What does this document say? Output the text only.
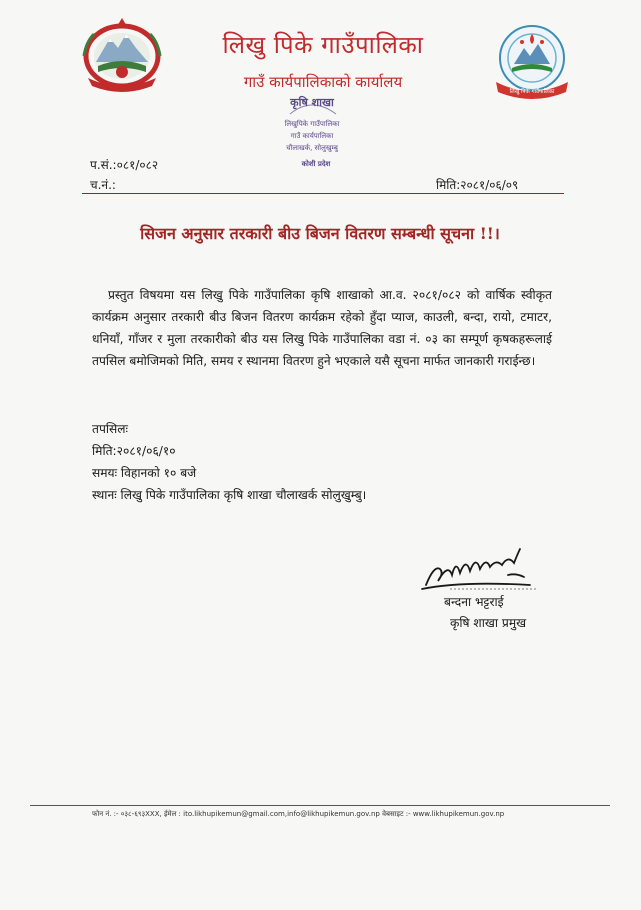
लिखु पिके गाउँपालिका
लिखु पिके गाउँपालिका
गाउँ कार्यपालिकाको कार्यालय
कृषि शाखा
लिखुपिके गाउँपालिका
गाउँ कार्यपालिका
चौलाखर्क, सोलुखुम्बु
कोशी प्रदेश
प.सं.:०८१/०८२
च.नं.:	मिति:२०८१/०६/०९
सिजन अनुसार तरकारी बीउ बिजन वितरण सम्बन्धी सूचना !!।
प्रस्तुत विषयमा यस लिखु पिके गाउँपालिका कृषि शाखाको आ.व. २०८१/०८२ को वार्षिक स्वीकृत कार्यक्रम अनुसार तरकारी बीउ बिजन वितरण कार्यक्रम रहेको हुँदा प्याज, काउली, बन्दा, रायो, टमाटर, धनियाँ, गाँजर र मुला तरकारीको बीउ यस लिखु पिके गाउँपालिका वडा नं. ०३ का सम्पूर्ण कृषकहरूलाई तपसिल बमोजिमको मिति, समय र स्थानमा वितरण हुने भएकाले यसै सूचना मार्फत जानकारी गराईन्छ।
तपसिलः
मिति:२०८१/०६/१०
समयः विहानको १० बजे
स्थानः लिखु पिके गाउँपालिका कृषि शाखा चौलाखर्क सोलुखुम्बु।
बन्दना भट्टराई
कृषि शाखा प्रमुख
फोन नं. :- ०३८-६९३XXX, ईमेल : ito.likhupikemun@gmail.com,info@likhupikemun.gov.np वेबसाइट :- www.likhupikemun.gov.np
